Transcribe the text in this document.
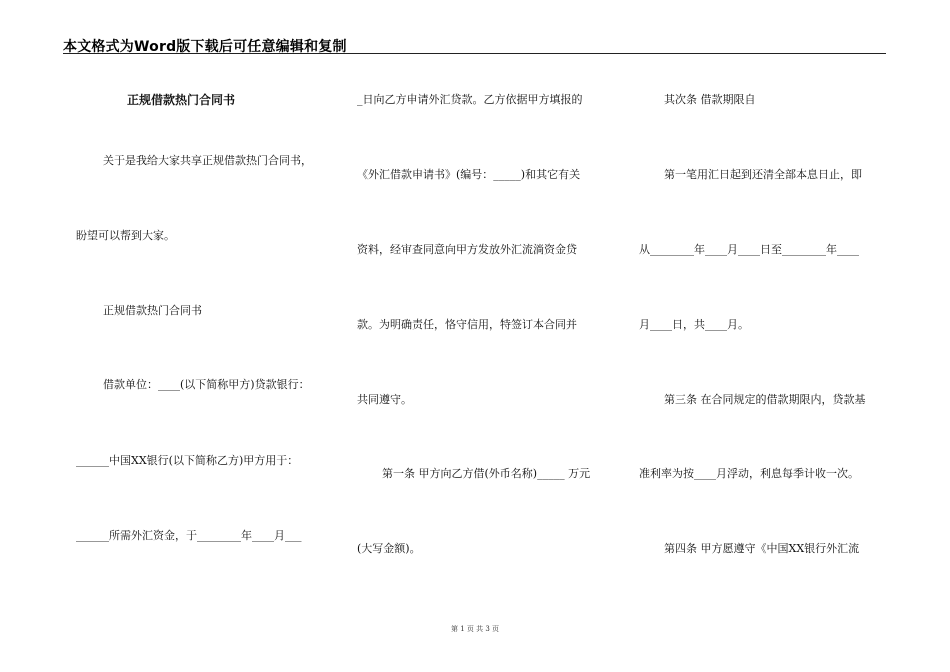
本文格式为Word版下载后可任意编辑和复制
正规借款热门合同书
关于是我给大家共享正规借款热门合同书，
盼望可以帮到大家。
正规借款热门合同书
借款单位：____(以下简称甲方)贷款银行：
______中国XX银行(以下简称乙方)甲方用于：
______所需外汇资金，于________年____月___
_日向乙方申请外汇贷款。乙方依据甲方填报的
《外汇借款申请书》(编号：_____)和其它有关
资料，经审查同意向甲方发放外汇流淌资金贷
款。为明确责任，恪守信用，特签订本合同并
共同遵守。
第一条 甲方向乙方借(外币名称)_____ 万元
(大写金额)。
其次条 借款期限自
第一笔用汇日起到还清全部本息日止，即
从________年____月____日至________年____
月____日，共____月。
第三条 在合同规定的借款期限内，贷款基
准利率为按____月浮动，利息每季计收一次。
第四条 甲方愿遵守《中国XX银行外汇流
第 1 页 共 3 页
